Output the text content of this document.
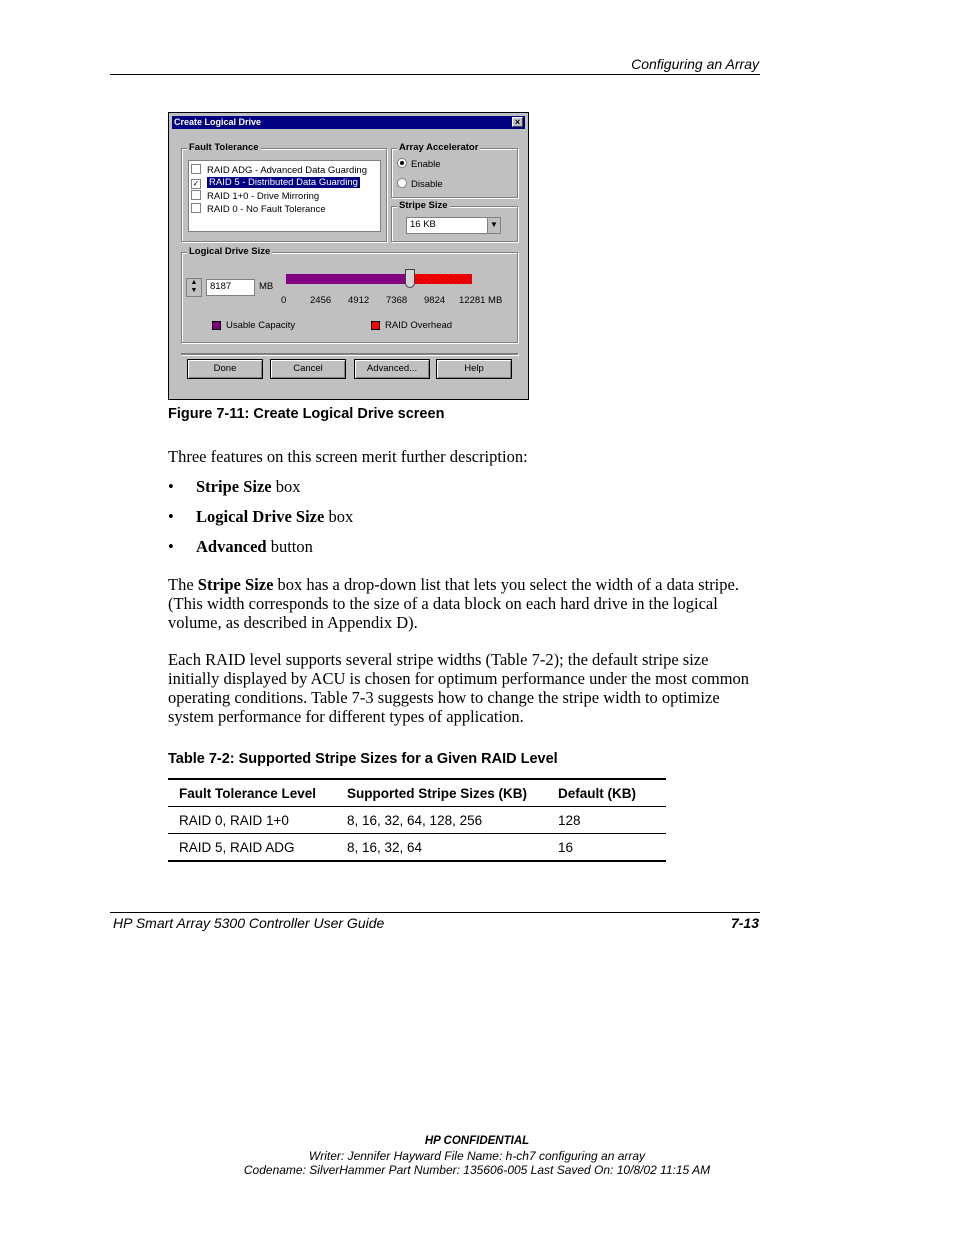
Configuring an Array
Create Logical Drive	×
Fault Tolerance
RAID ADG - Advanced Data Guarding
✓ RAID 5 - Distributed Data Guarding
RAID 1+0 - Drive Mirroring
RAID 0 - No Fault Tolerance
Array Accelerator
Enable
Disable
Stripe Size
16 KB	▼
Logical Drive Size
▲
▼	8187	MB
0 2456 4912 7368 9824 12281 MB
Usable Capacity	RAID Overhead
Done	Cancel	Advanced...	Help
Figure 7-11: Create Logical Drive screen
Three features on this screen merit further description:
• Stripe Size box
• Logical Drive Size box
• Advanced button
The Stripe Size box has a drop-down list that lets you select the width of a data stripe. (This width corresponds to the size of a data block on each hard drive in the logical volume, as described in Appendix D).
Each RAID level supports several stripe widths (Table 7-2); the default stripe size initially displayed by ACU is chosen for optimum performance under the most common operating conditions. Table 7-3 suggests how to change the stripe width to optimize system performance for different types of application.
Table 7-2: Supported Stripe Sizes for a Given RAID Level
Fault Tolerance Level	Supported Stripe Sizes (KB)	Default (KB)
RAID 0, RAID 1+0	8, 16, 32, 64, 128, 256	128
RAID 5, RAID ADG	8, 16, 32, 64	16
HP Smart Array 5300 Controller User Guide	7-13
HP CONFIDENTIAL
Writer: Jennifer Hayward File Name: h-ch7 configuring an array
Codename: SilverHammer Part Number: 135606-005 Last Saved On: 10/8/02 11:15 AM
